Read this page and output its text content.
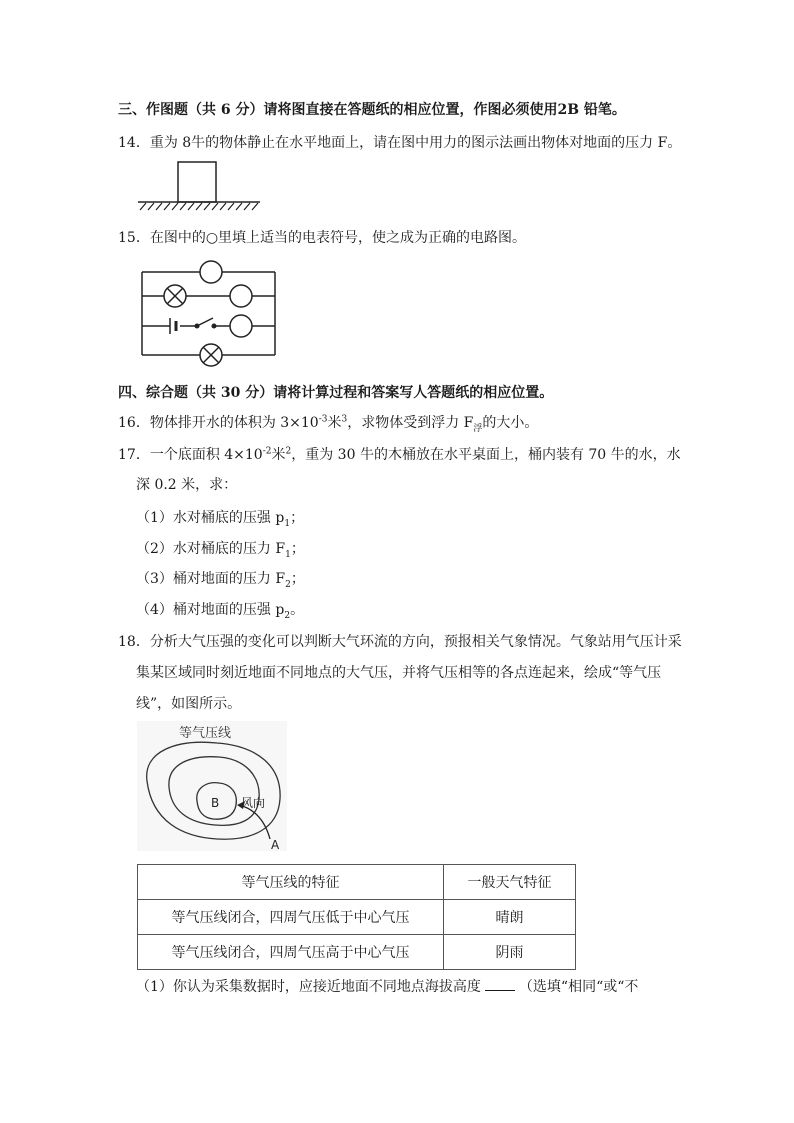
三、作图题（共 6 分）请将图直接在答题纸的相应位置，作图必须使用2B 铅笔。
14．重为 8牛的物体静止在水平地面上，请在图中用力的图示法画出物体对地面的压力 F。
15．在图中的○里填上适当的电表符号，使之成为正确的电路图。
四、综合题（共 30 分）请将计算过程和答案写人答题纸的相应位置。
16．物体排开水的体积为 $3\times 10^{-3}$米$^3$，求物体受到浮力 $F_浮$的大小。
17．一个底面积 $4\times 10^{-2}$米$^2$，重为 30 牛的木桶放在水平桌面上，桶内装有 70 牛的水，水
深 0.2 米，求：
（1）水对桶底的压强 $p_1$；
（2）水对桶底的压力 $F_1$；
（3）桶对地面的压力 $F_2$；
（4）桶对地面的压强 $p_2$。
18．分析大气压强的变化可以判断大气环流的方向，预报相关气象情况。气象站用气压计采
集某区域同时刻近地面不同地点的大气压，并将气压相等的各点连起来，绘成“等气压
线”，如图所示。
等气压线
B 风向
A
等气压线的特征	一般天气特征
等气压线闭合，四周气压低于中心气压	晴朗
等气压线闭合，四周气压高于中心气压	阴雨
（1）你认为采集数据时，应接近地面不同地点海拔高度	（选填“相同“或“不
